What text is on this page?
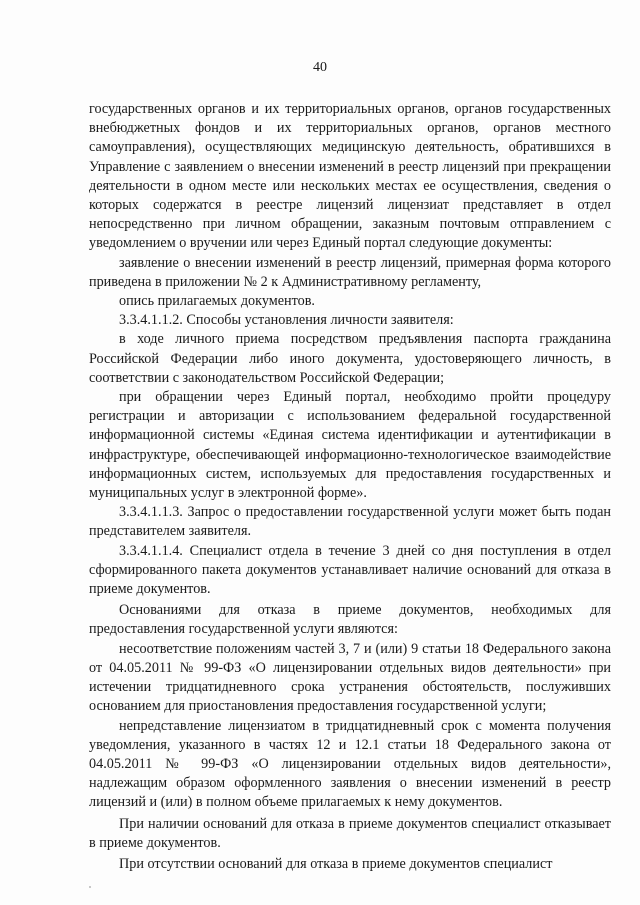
40

государственных органов и их территориальных органов, органов государственных внебюджетных фондов и их территориальных органов, органов местного самоуправления), осуществляющих медицинскую деятельность, обратившихся в Управление с заявлением о внесении изменений в реестр лицензий при прекращении деятельности в одном месте или нескольких местах ее осуществления, сведения о которых содержатся в реестре лицензий лицензиат представляет в отдел непосредственно при личном обращении, заказным почтовым отправлением с уведомлением о вручении или через Единый портал следующие документы:

заявление о внесении изменений в реестр лицензий, примерная форма которого приведена в приложении № 2 к Административному регламенту,

опись прилагаемых документов.

3.3.4.1.1.2. Способы установления личности заявителя:

в ходе личного приема посредством предъявления паспорта гражданина Российской Федерации либо иного документа, удостоверяющего личность, в соответствии с законодательством Российской Федерации;

при обращении через Единый портал, необходимо пройти процедуру регистрации и авторизации с использованием федеральной государственной информационной системы «Единая система идентификации и аутентификации в инфраструктуре, обеспечивающей информационно-технологическое взаимодействие информационных систем, используемых для предоставления государственных и муниципальных услуг в электронной форме».

3.3.4.1.1.3. Запрос о предоставлении государственной услуги может быть подан представителем заявителя.

3.3.4.1.1.4. Специалист отдела в течение 3 дней со дня поступления в отдел сформированного пакета документов устанавливает наличие оснований для отказа в приеме документов.

Основаниями для отказа в приеме документов, необходимых для предоставления государственной услуги являются:

несоответствие положениям частей 3, 7 и (или) 9 статьи 18 Федерального закона от 04.05.2011 № 99-ФЗ «О лицензировании отдельных видов деятельности» при истечении тридцатидневного срока устранения обстоятельств, послуживших основанием для приостановления предоставления государственной услуги;

непредставление лицензиатом в тридцатидневный срок с момента получения уведомления, указанного в частях 12 и 12.1 статьи 18 Федерального закона от 04.05.2011 № 99-ФЗ «О лицензировании отдельных видов деятельности», надлежащим образом оформленного заявления о внесении изменений в реестр лицензий и (или) в полном объеме прилагаемых к нему документов.

При наличии оснований для отказа в приеме документов специалист отказывает в приеме документов.

При отсутствии оснований для отказа в приеме документов специалист
